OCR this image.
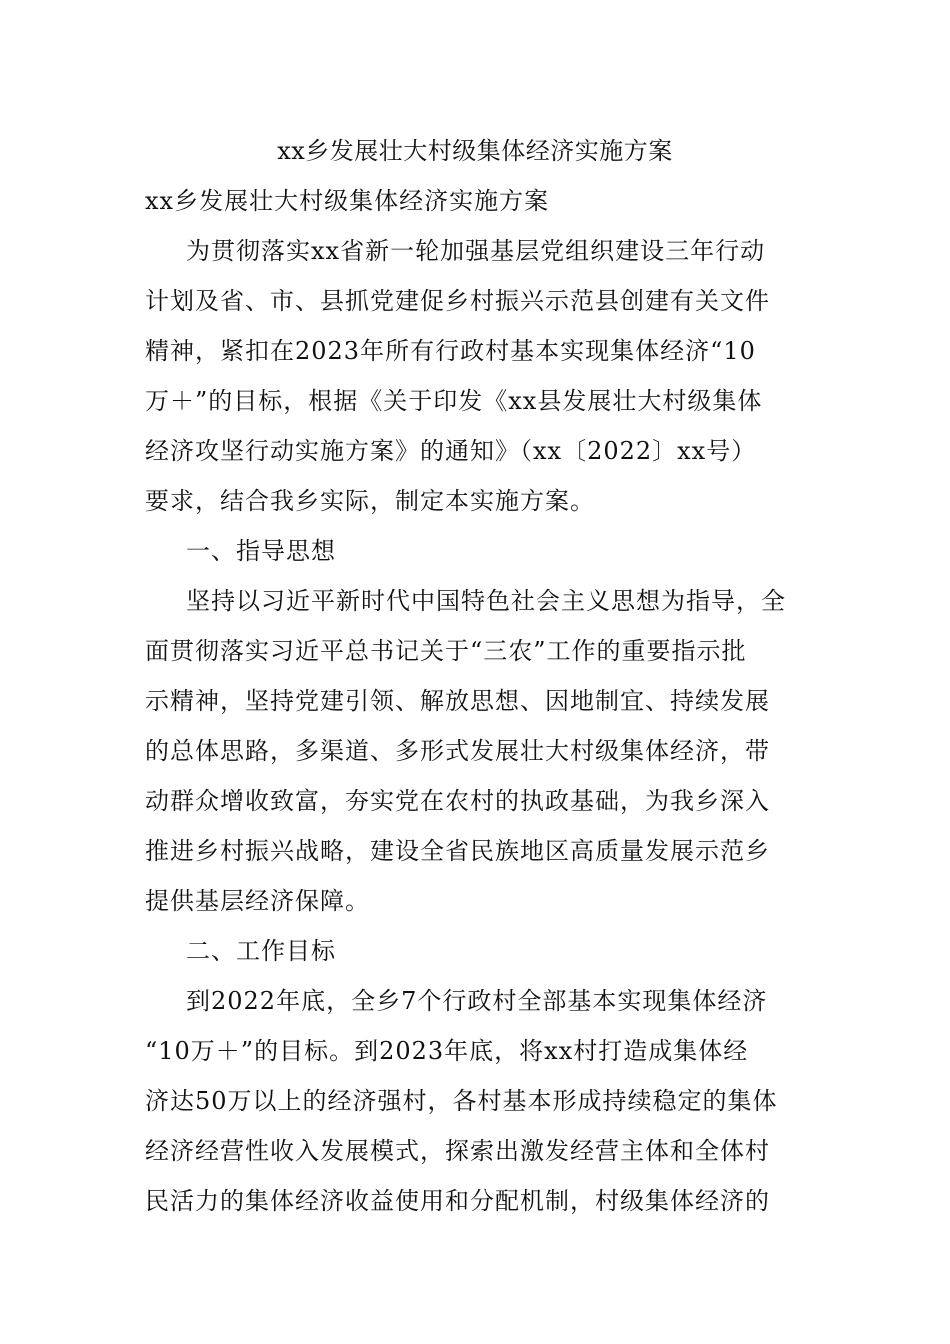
xx乡发展壮大村级集体经济实施方案
xx乡发展壮大村级集体经济实施方案
为贯彻落实xx省新一轮加强基层党组织建设三年行动
计划及省、市、县抓党建促乡村振兴示范县创建有关文件
精神，紧扣在2023年所有行政村基本实现集体经济“10
万＋”的目标，根据《关于印发《xx县发展壮大村级集体
经济攻坚行动实施方案》的通知》（xx〔2022〕xx号）
要求，结合我乡实际，制定本实施方案。
一、指导思想
坚持以习近平新时代中国特色社会主义思想为指导，全
面贯彻落实习近平总书记关于“三农”工作的重要指示批
示精神，坚持党建引领、解放思想、因地制宜、持续发展
的总体思路，多渠道、多形式发展壮大村级集体经济，带
动群众增收致富，夯实党在农村的执政基础，为我乡深入
推进乡村振兴战略，建设全省民族地区高质量发展示范乡
提供基层经济保障。
二、工作目标
到2022年底，全乡7个行政村全部基本实现集体经济
“10万＋”的目标。到2023年底，将xx村打造成集体经
济达50万以上的经济强村，各村基本形成持续稳定的集体
经济经营性收入发展模式，探索出激发经营主体和全体村
民活力的集体经济收益使用和分配机制，村级集体经济的
